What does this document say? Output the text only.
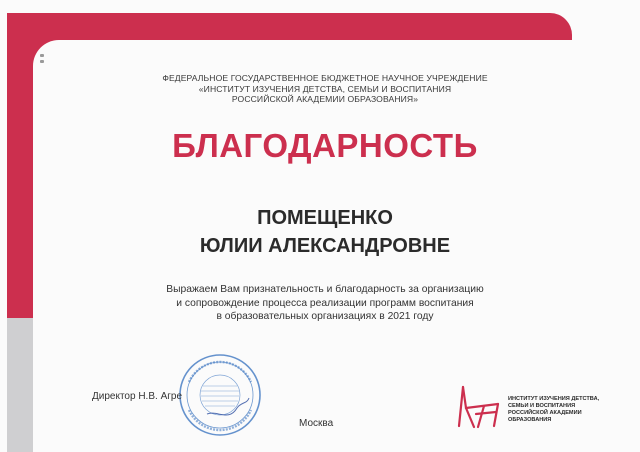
ФЕДЕРАЛЬНОЕ ГОСУДАРСТВЕННОЕ БЮДЖЕТНОЕ НАУЧНОЕ УЧРЕЖДЕНИЕ
«ИНСТИТУТ ИЗУЧЕНИЯ ДЕТСТВА, СЕМЬИ И ВОСПИТАНИЯ
РОССИЙСКОЙ АКАДЕМИИ ОБРАЗОВАНИЯ»
БЛАГОДАРНОСТЬ
ПОМЕЩЕНКО
ЮЛИИ АЛЕКСАНДРОВНЕ
Выражаем Вам признательность и благодарность за организацию
и сопровождение процесса реализации программ воспитания
в образовательных организациях в 2021 году
Директор Н.В. Агре
Москва
ИНСТИТУТ ИЗУЧЕНИЯ ДЕТСТВА,
СЕМЬИ И ВОСПИТАНИЯ
РОССИЙСКОЙ АКАДЕМИИ
ОБРАЗОВАНИЯ
